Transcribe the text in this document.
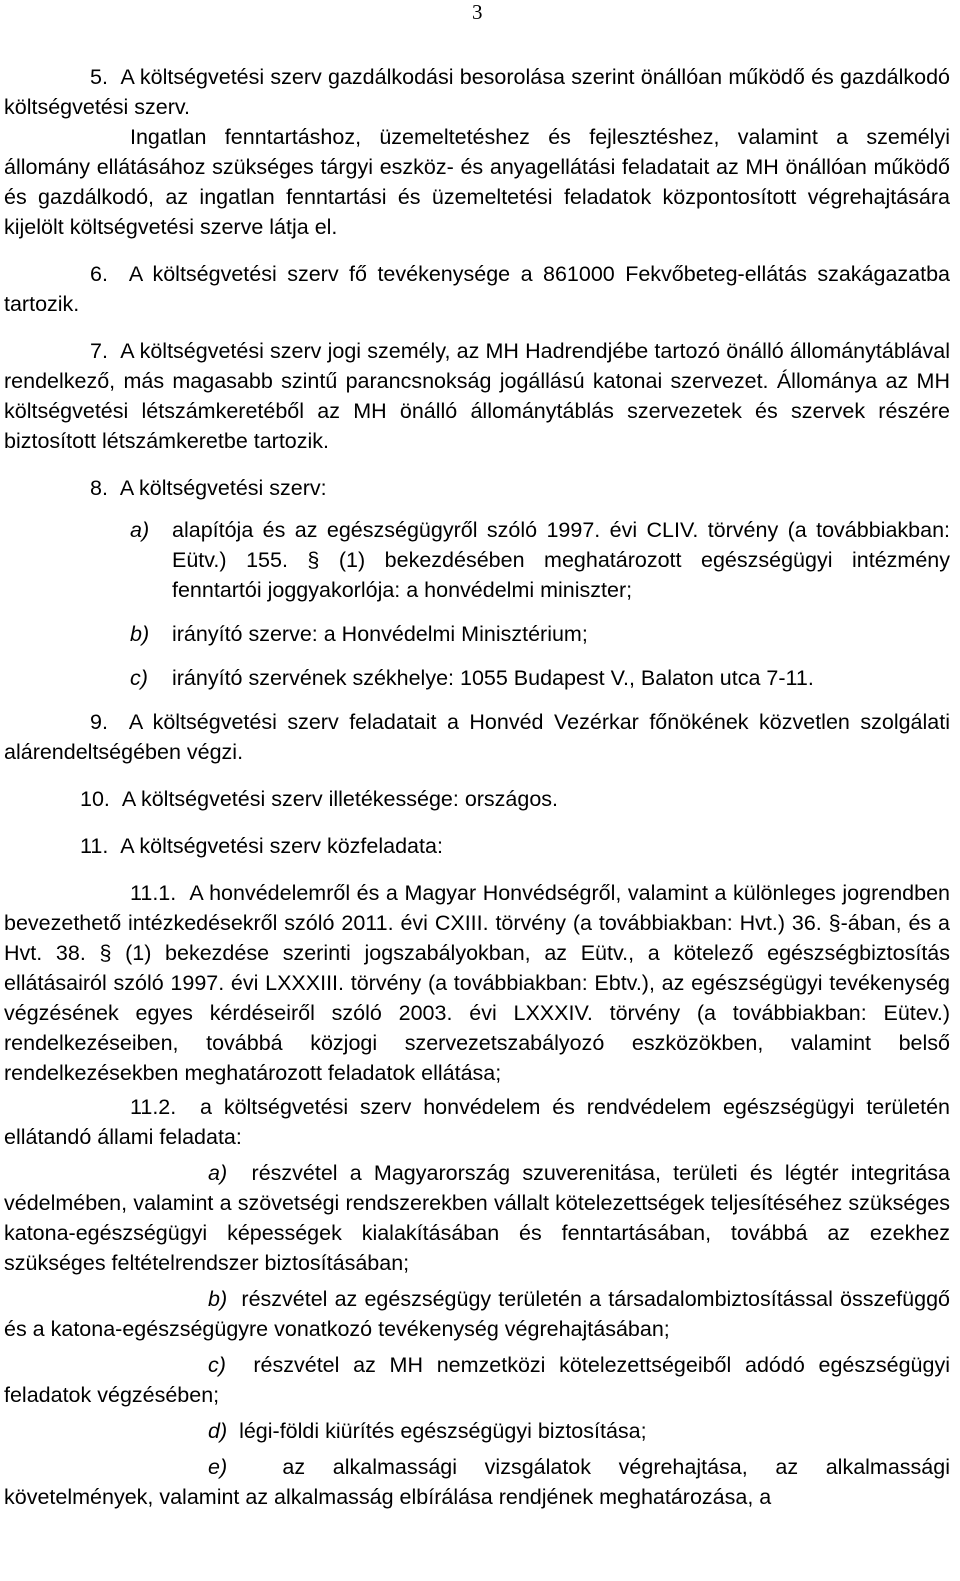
3

5. A költségvetési szerv gazdálkodási besorolása szerint önállóan működő és gazdálkodó költségvetési szerv.

Ingatlan fenntartáshoz, üzemeltetéshez és fejlesztéshez, valamint a személyi állomány ellátásához szükséges tárgyi eszköz- és anyagellátási feladatait az MH önállóan működő és gazdálkodó, az ingatlan fenntartási és üzemeltetési feladatok központosított végrehajtására kijelölt költségvetési szerve látja el.

6. A költségvetési szerv fő tevékenysége a 861000 Fekvőbeteg-ellátás szakágazatba tartozik.

7. A költségvetési szerv jogi személy, az MH Hadrendjébe tartozó önálló állománytáblával rendelkező, más magasabb szintű parancsnokság jogállású katonai szervezet. Állománya az MH költségvetési létszámkeretéből az MH önálló állománytáblás szervezetek és szervek részére biztosított létszámkeretbe tartozik.

8. A költségvetési szerv:

a)	alapítója és az egészségügyről szóló 1997. évi CLIV. törvény (a továbbiakban: Eütv.) 155. § (1) bekezdésében meghatározott egészségügyi intézmény fenntartói joggyakorlója: a honvédelmi miniszter;
b)	irányító szerve: a Honvédelmi Minisztérium;
c)	irányító szervének székhelye: 1055 Budapest V., Balaton utca 7-11.

9. A költségvetési szerv feladatait a Honvéd Vezérkar főnökének közvetlen szolgálati alárendeltségében végzi.

10. A költségvetési szerv illetékessége: országos.

11. A költségvetési szerv közfeladata:

11.1. A honvédelemről és a Magyar Honvédségről, valamint a különleges jogrendben bevezethető intézkedésekről szóló 2011. évi CXIII. törvény (a továbbiakban: Hvt.) 36. §-ában, és a Hvt. 38. § (1) bekezdése szerinti jogszabályokban, az Eütv., a kötelező egészségbiztosítás ellátásairól szóló 1997. évi LXXXIII. törvény (a továbbiakban: Ebtv.), az egészségügyi tevékenység végzésének egyes kérdéseiről szóló 2003. évi LXXXIV. törvény (a továbbiakban: Eütev.) rendelkezéseiben, továbbá közjogi szervezetszabályozó eszközökben, valamint belső rendelkezésekben meghatározott feladatok ellátása;

11.2. a költségvetési szerv honvédelem és rendvédelem egészségügyi területén ellátandó állami feladata:

a) részvétel a Magyarország szuverenitása, területi és légtér integritása védelmében, valamint a szövetségi rendszerekben vállalt kötelezettségek teljesítéséhez szükséges katona-egészségügyi képességek kialakításában és fenntartásában, továbbá az ezekhez szükséges feltételrendszer biztosításában;

b) részvétel az egészségügy területén a társadalombiztosítással összefüggő és a katona-egészségügyre vonatkozó tevékenység végrehajtásában;

c) részvétel az MH nemzetközi kötelezettségeiből adódó egészségügyi feladatok végzésében;

d) légi-földi kiürítés egészségügyi biztosítása;

e)	az alkalmassági vizsgálatok végrehajtása, az alkalmassági követelmények, valamint az alkalmasság elbírálása rendjének meghatározása, a
